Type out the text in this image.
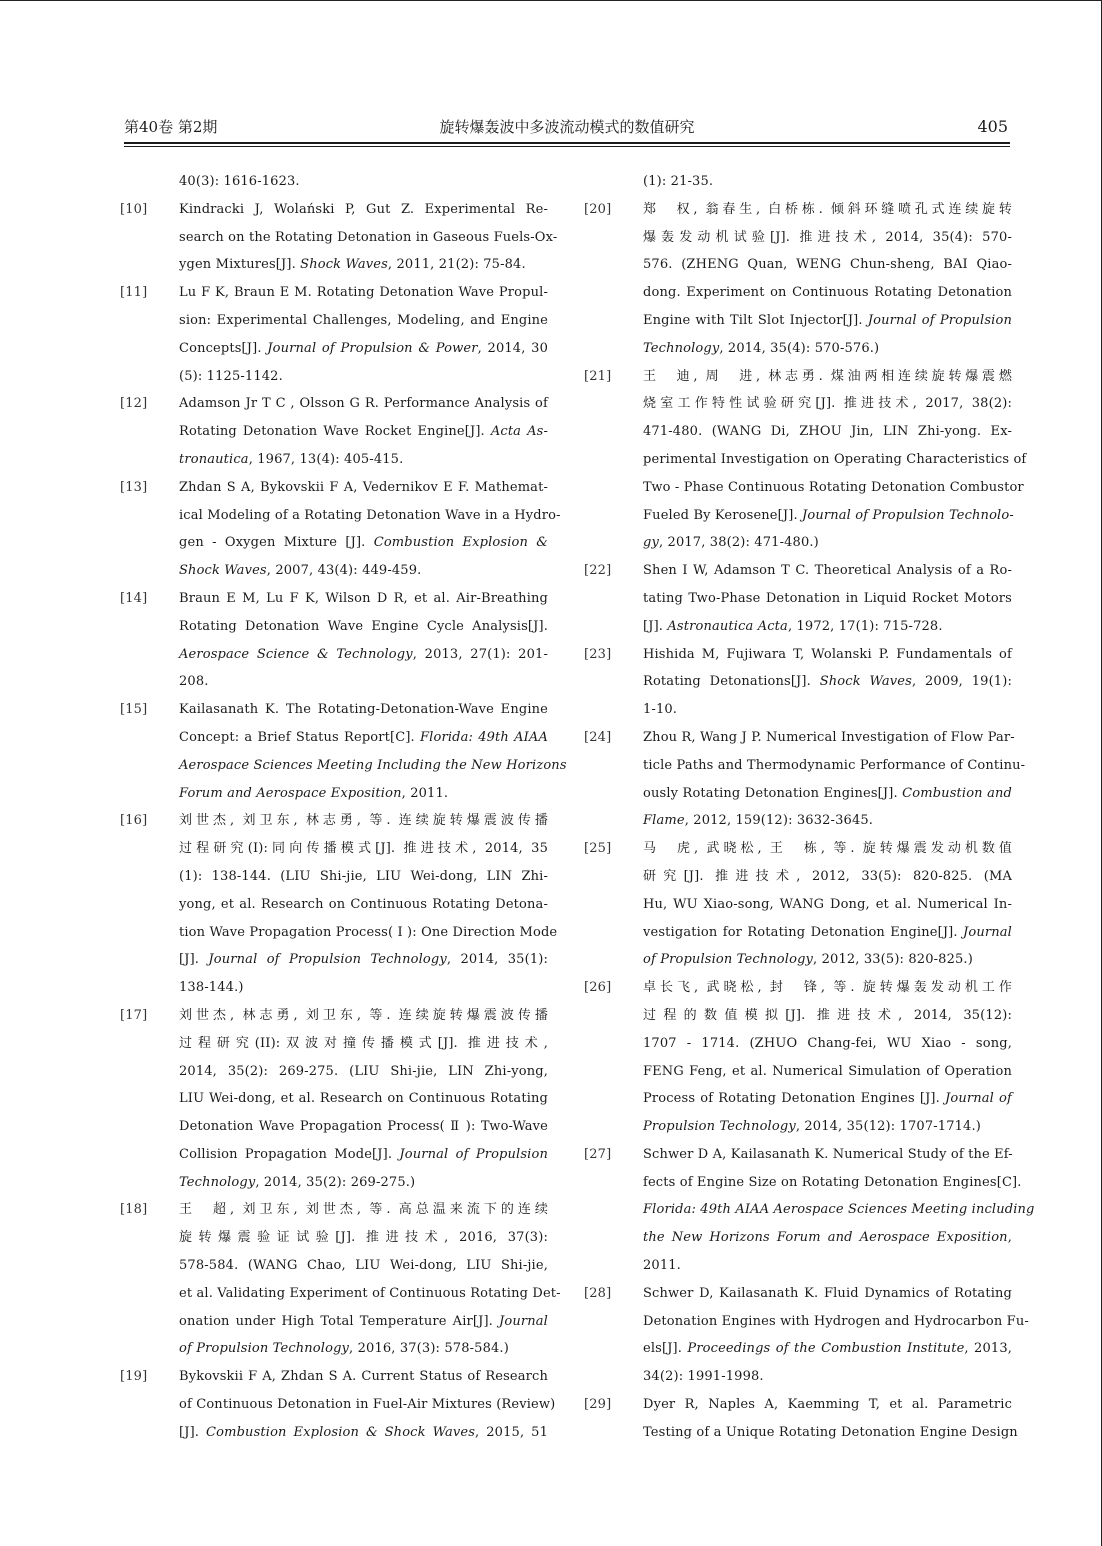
第40卷 第2期	旋转爆轰波中多波流动模式的数值研究	405
40(3): 1616-1623.
[10]	Kindracki J, Wolański P, Gut Z. Experimental Re-
search on the Rotating Detonation in Gaseous Fuels-Ox-
ygen Mixtures[J]. Shock Waves, 2011, 21(2): 75-84.
[11]	Lu F K, Braun E M. Rotating Detonation Wave Propul-
sion: Experimental Challenges, Modeling, and Engine
Concepts[J]. Journal of Propulsion & Power, 2014, 30
(5): 1125-1142.
[12]	Adamson Jr T C , Olsson G R. Performance Analysis of
Rotating Detonation Wave Rocket Engine[J]. Acta As-
tronautica, 1967, 13(4): 405-415.
[13]	Zhdan S A, Bykovskii F A, Vedernikov E F. Mathemat-
ical Modeling of a Rotating Detonation Wave in a Hydro-
gen - Oxygen Mixture [J]. Combustion Explosion &
Shock Waves, 2007, 43(4): 449-459.
[14]	Braun E M, Lu F K, Wilson D R, et al. Air-Breathing
Rotating Detonation Wave Engine Cycle Analysis[J].
Aerospace Science & Technology, 2013, 27(1): 201-
208.
[15]	Kailasanath K. The Rotating-Detonation-Wave Engine
Concept: a Brief Status Report[C]. Florida: 49th AIAA
Aerospace Sciences Meeting Including the New Horizons
Forum and Aerospace Exposition, 2011.
[16]	刘世杰, 刘卫东, 林志勇, 等. 连续旋转爆震波传播
过程研究(I):同向传播模式[J]. 推进技术, 2014, 35
(1): 138-144. (LIU Shi-jie, LIU Wei-dong, LIN Zhi-
yong, et al. Research on Continuous Rotating Detona-
tion Wave Propagation Process( Ⅰ ): One Direction Mode
[J]. Journal of Propulsion Technology, 2014, 35(1):
138-144.)
[17]	刘世杰, 林志勇, 刘卫东, 等. 连续旋转爆震波传播
过程研究(II):双波对撞传播模式[J]. 推进技术,
2014, 35(2): 269-275. (LIU Shi-jie, LIN Zhi-yong,
LIU Wei-dong, et al. Research on Continuous Rotating
Detonation Wave Propagation Process( Ⅱ ): Two-Wave
Collision Propagation Mode[J]. Journal of Propulsion
Technology, 2014, 35(2): 269-275.)
[18]	王　超, 刘卫东, 刘世杰, 等. 高总温来流下的连续
旋转爆震验证试验[J]. 推进技术, 2016, 37(3):
578-584. (WANG Chao, LIU Wei-dong, LIU Shi-jie,
et al. Validating Experiment of Continuous Rotating Det-
onation under High Total Temperature Air[J]. Journal
of Propulsion Technology, 2016, 37(3): 578-584.)
[19]	Bykovskii F A, Zhdan S A. Current Status of Research
of Continuous Detonation in Fuel-Air Mixtures (Review)
[J]. Combustion Explosion & Shock Waves, 2015, 51
(1): 21-35.
[20]	郑　权, 翁春生, 白桥栋. 倾斜环缝喷孔式连续旋转
爆轰发动机试验[J]. 推进技术, 2014, 35(4): 570-
576. (ZHENG Quan, WENG Chun-sheng, BAI Qiao-
dong. Experiment on Continuous Rotating Detonation
Engine with Tilt Slot Injector[J]. Journal of Propulsion
Technology, 2014, 35(4): 570-576.)
[21]	王　迪, 周　进, 林志勇. 煤油两相连续旋转爆震燃
烧室工作特性试验研究[J]. 推进技术, 2017, 38(2):
471-480. (WANG Di, ZHOU Jin, LIN Zhi-yong. Ex-
perimental Investigation on Operating Characteristics of
Two - Phase Continuous Rotating Detonation Combustor
Fueled By Kerosene[J]. Journal of Propulsion Technolo-
gy, 2017, 38(2): 471-480.)
[22]	Shen I W, Adamson T C. Theoretical Analysis of a Ro-
tating Two-Phase Detonation in Liquid Rocket Motors
[J]. Astronautica Acta, 1972, 17(1): 715-728.
[23]	Hishida M, Fujiwara T, Wolanski P. Fundamentals of
Rotating Detonations[J]. Shock Waves, 2009, 19(1):
1-10.
[24]	Zhou R, Wang J P. Numerical Investigation of Flow Par-
ticle Paths and Thermodynamic Performance of Continu-
ously Rotating Detonation Engines[J]. Combustion and
Flame, 2012, 159(12): 3632-3645.
[25]	马　虎, 武晓松, 王　栋, 等. 旋转爆震发动机数值
研究[J]. 推进技术, 2012, 33(5): 820-825. (MA
Hu, WU Xiao-song, WANG Dong, et al. Numerical In-
vestigation for Rotating Detonation Engine[J]. Journal
of Propulsion Technology, 2012, 33(5): 820-825.)
[26]	卓长飞, 武晓松, 封　锋, 等. 旋转爆轰发动机工作
过程的数值模拟[J]. 推进技术, 2014, 35(12):
1707 - 1714. (ZHUO Chang-fei, WU Xiao - song,
FENG Feng, et al. Numerical Simulation of Operation
Process of Rotating Detonation Engines [J]. Journal of
Propulsion Technology, 2014, 35(12): 1707-1714.)
[27]	Schwer D A, Kailasanath K. Numerical Study of the Ef-
fects of Engine Size on Rotating Detonation Engines[C].
Florida: 49th AIAA Aerospace Sciences Meeting including
the New Horizons Forum and Aerospace Exposition,
2011.
[28]	Schwer D, Kailasanath K. Fluid Dynamics of Rotating
Detonation Engines with Hydrogen and Hydrocarbon Fu-
els[J]. Proceedings of the Combustion Institute, 2013,
34(2): 1991-1998.
[29]	Dyer R, Naples A, Kaemming T, et al. Parametric
Testing of a Unique Rotating Detonation Engine Design
